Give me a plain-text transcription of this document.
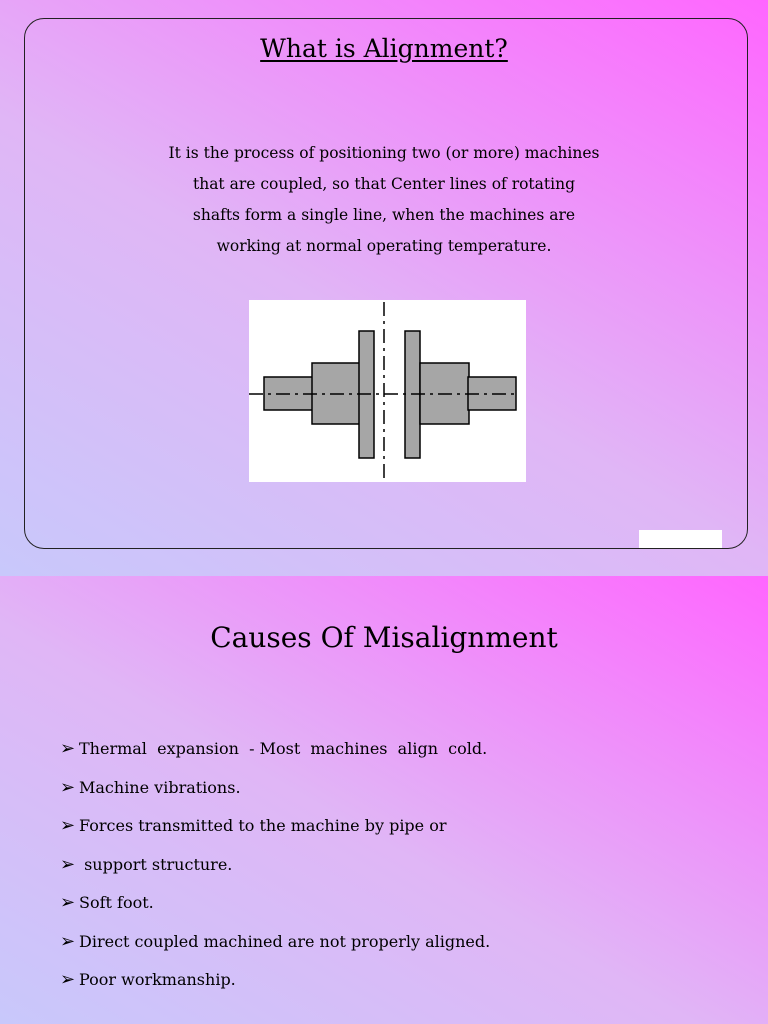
What is Alignment?
It is the process of positioning two (or more) machines
that are coupled, so that Center lines of rotating
shafts form a single line, when the machines are
working at normal operating temperature.
Causes Of Misalignment
➢ Thermal  expansion  - Most  machines  align  cold.
➢ Machine vibrations.
➢ Forces transmitted to the machine by pipe or
➢ support structure.
➢ Soft foot.
➢ Direct coupled machined are not properly aligned.
➢ Poor workmanship.
